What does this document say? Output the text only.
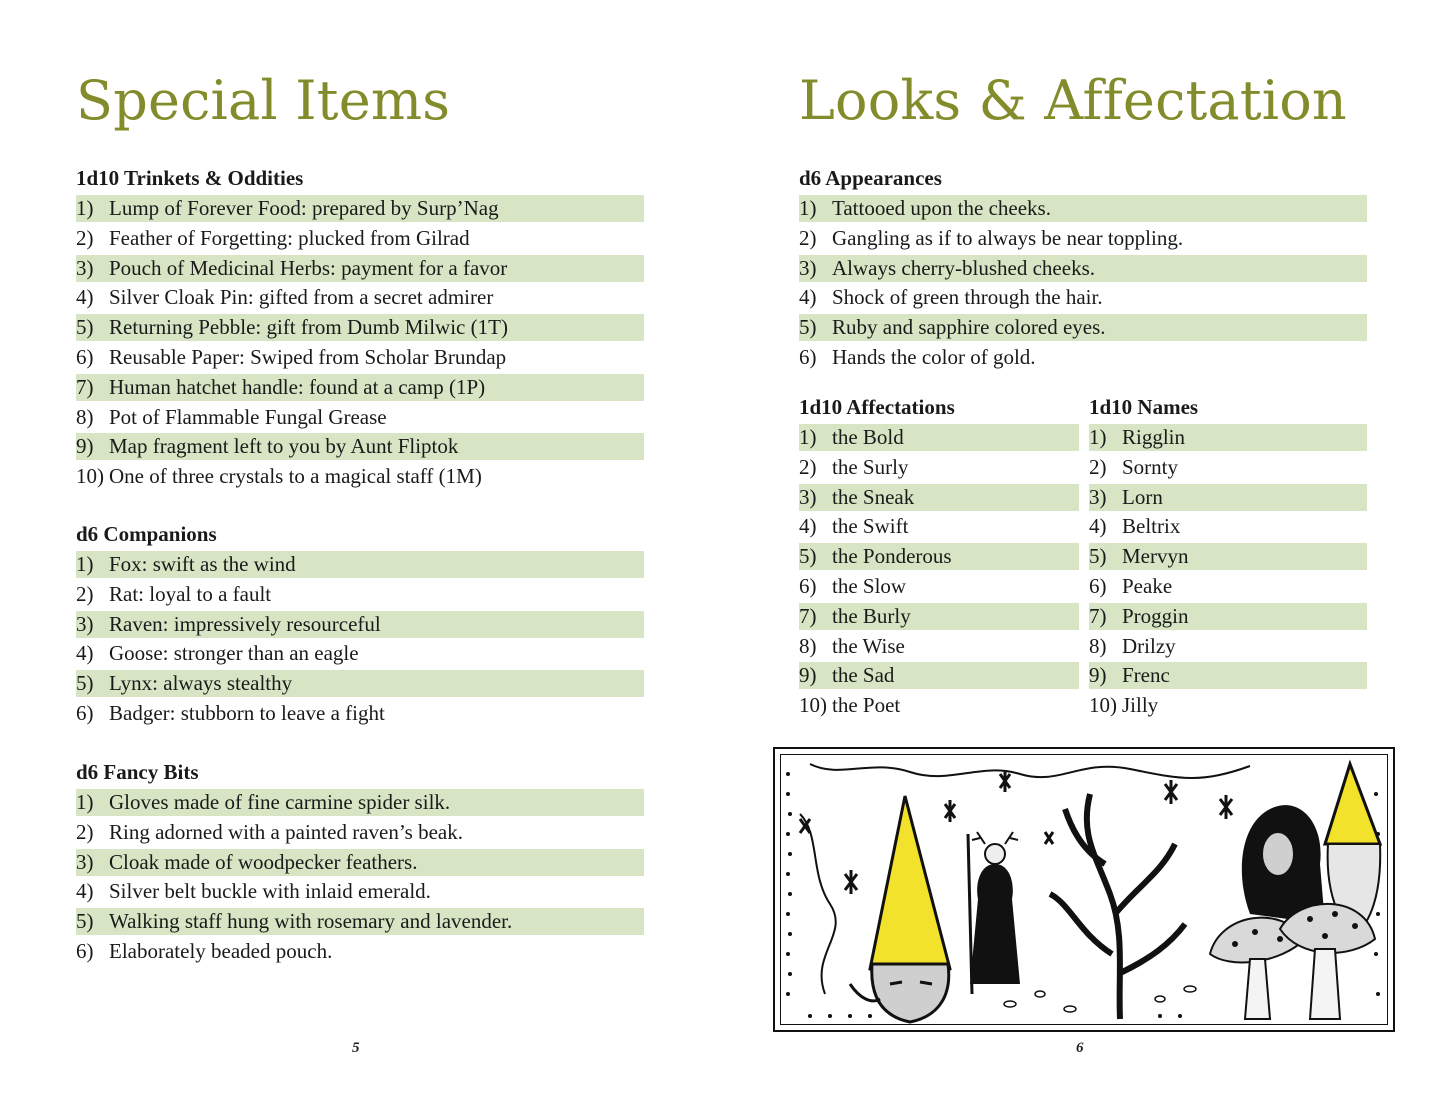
Special Items
1d10 Trinkets & Oddities
1) Lump of Forever Food: prepared by Surp’Nag
2) Feather of Forgetting: plucked from Gilrad
3) Pouch of Medicinal Herbs: payment for a favor
4) Silver Cloak Pin: gifted from a secret admirer
5) Returning Pebble: gift from Dumb Milwic (1T)
6) Reusable Paper: Swiped from Scholar Brundap
7) Human hatchet handle: found at a camp (1P)
8) Pot of Flammable Fungal Grease
9) Map fragment left to you by Aunt Fliptok
10) One of three crystals to a magical staff (1M)
d6 Companions
1) Fox: swift as the wind
2) Rat: loyal to a fault
3) Raven: impressively resourceful
4) Goose: stronger than an eagle
5) Lynx: always stealthy
6) Badger: stubborn to leave a fight
d6 Fancy Bits
1) Gloves made of fine carmine spider silk.
2) Ring adorned with a painted raven’s beak.
3) Cloak made of woodpecker feathers.
4) Silver belt buckle with inlaid emerald.
5) Walking staff hung with rosemary and lavender.
6) Elaborately beaded pouch.
5
Looks & Affectation
d6 Appearances
1) Tattooed upon the cheeks.
2) Gangling as if to always be near toppling.
3) Always cherry-blushed cheeks.
4) Shock of green through the hair.
5) Ruby and sapphire colored eyes.
6) Hands the color of gold.
1d10 Affectations
1) the Bold
2) the Surly
3) the Sneak
4) the Swift
5) the Ponderous
6) the Slow
7) the Burly
8) the Wise
9) the Sad
10) the Poet
1d10 Names
1) Rigglin
2) Sornty
3) Lorn
4) Beltrix
5) Mervyn
6) Peake
7) Proggin
8) Drilzy
9) Frenc
10) Jilly
6
